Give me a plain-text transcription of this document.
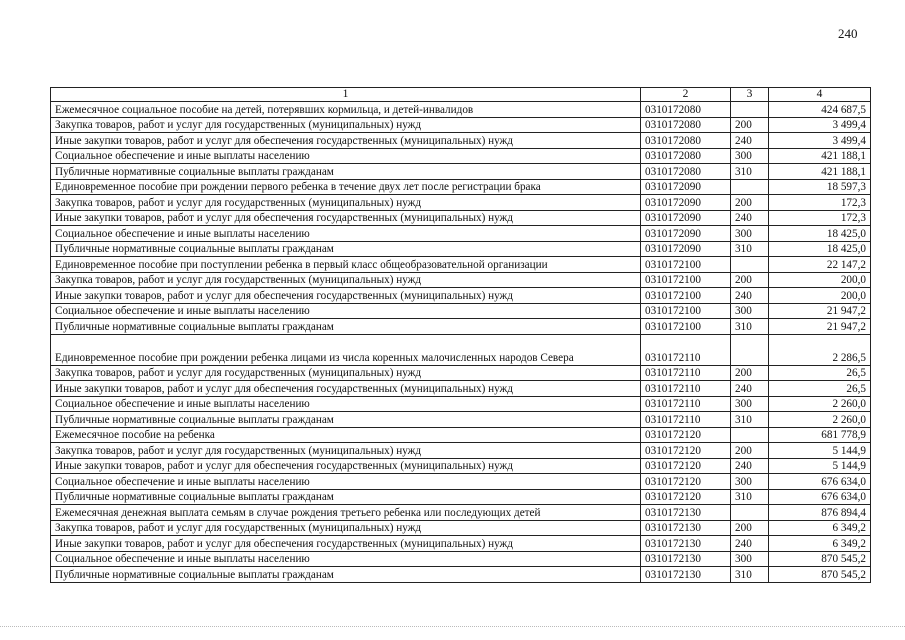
240
1	2	3	4
Ежемесячное социальное пособие на детей, потерявших кормильца, и детей-инвалидов	0310172080		424 687,5
Закупка товаров, работ и услуг для государственных (муниципальных) нужд	0310172080	200	3 499,4
Иные закупки товаров, работ и услуг для обеспечения государственных (муниципальных) нужд	0310172080	240	3 499,4
Социальное обеспечение и иные выплаты населению	0310172080	300	421 188,1
Публичные нормативные социальные выплаты гражданам	0310172080	310	421 188,1
Единовременное пособие при рождении первого ребенка в течение двух лет после регистрации брака	0310172090		18 597,3
Закупка товаров, работ и услуг для государственных (муниципальных) нужд	0310172090	200	172,3
Иные закупки товаров, работ и услуг для обеспечения государственных (муниципальных) нужд	0310172090	240	172,3
Социальное обеспечение и иные выплаты населению	0310172090	300	18 425,0
Публичные нормативные социальные выплаты гражданам	0310172090	310	18 425,0
Единовременное пособие при поступлении ребенка в первый класс общеобразовательной организации	0310172100		22 147,2
Закупка товаров, работ и услуг для государственных (муниципальных) нужд	0310172100	200	200,0
Иные закупки товаров, работ и услуг для обеспечения государственных (муниципальных) нужд	0310172100	240	200,0
Социальное обеспечение и иные выплаты населению	0310172100	300	21 947,2
Публичные нормативные социальные выплаты гражданам	0310172100	310	21 947,2
Единовременное пособие при рождении ребенка лицами из числа коренных малочисленных народов Севера	0310172110		2 286,5
Закупка товаров, работ и услуг для государственных (муниципальных) нужд	0310172110	200	26,5
Иные закупки товаров, работ и услуг для обеспечения государственных (муниципальных) нужд	0310172110	240	26,5
Социальное обеспечение и иные выплаты населению	0310172110	300	2 260,0
Публичные нормативные социальные выплаты гражданам	0310172110	310	2 260,0
Ежемесячное пособие на ребенка	0310172120		681 778,9
Закупка товаров, работ и услуг для государственных (муниципальных) нужд	0310172120	200	5 144,9
Иные закупки товаров, работ и услуг для обеспечения государственных (муниципальных) нужд	0310172120	240	5 144,9
Социальное обеспечение и иные выплаты населению	0310172120	300	676 634,0
Публичные нормативные социальные выплаты гражданам	0310172120	310	676 634,0
Ежемесячная денежная выплата семьям в случае рождения третьего ребенка или последующих детей	0310172130		876 894,4
Закупка товаров, работ и услуг для государственных (муниципальных) нужд	0310172130	200	6 349,2
Иные закупки товаров, работ и услуг для обеспечения государственных (муниципальных) нужд	0310172130	240	6 349,2
Социальное обеспечение и иные выплаты населению	0310172130	300	870 545,2
Публичные нормативные социальные выплаты гражданам	0310172130	310	870 545,2
